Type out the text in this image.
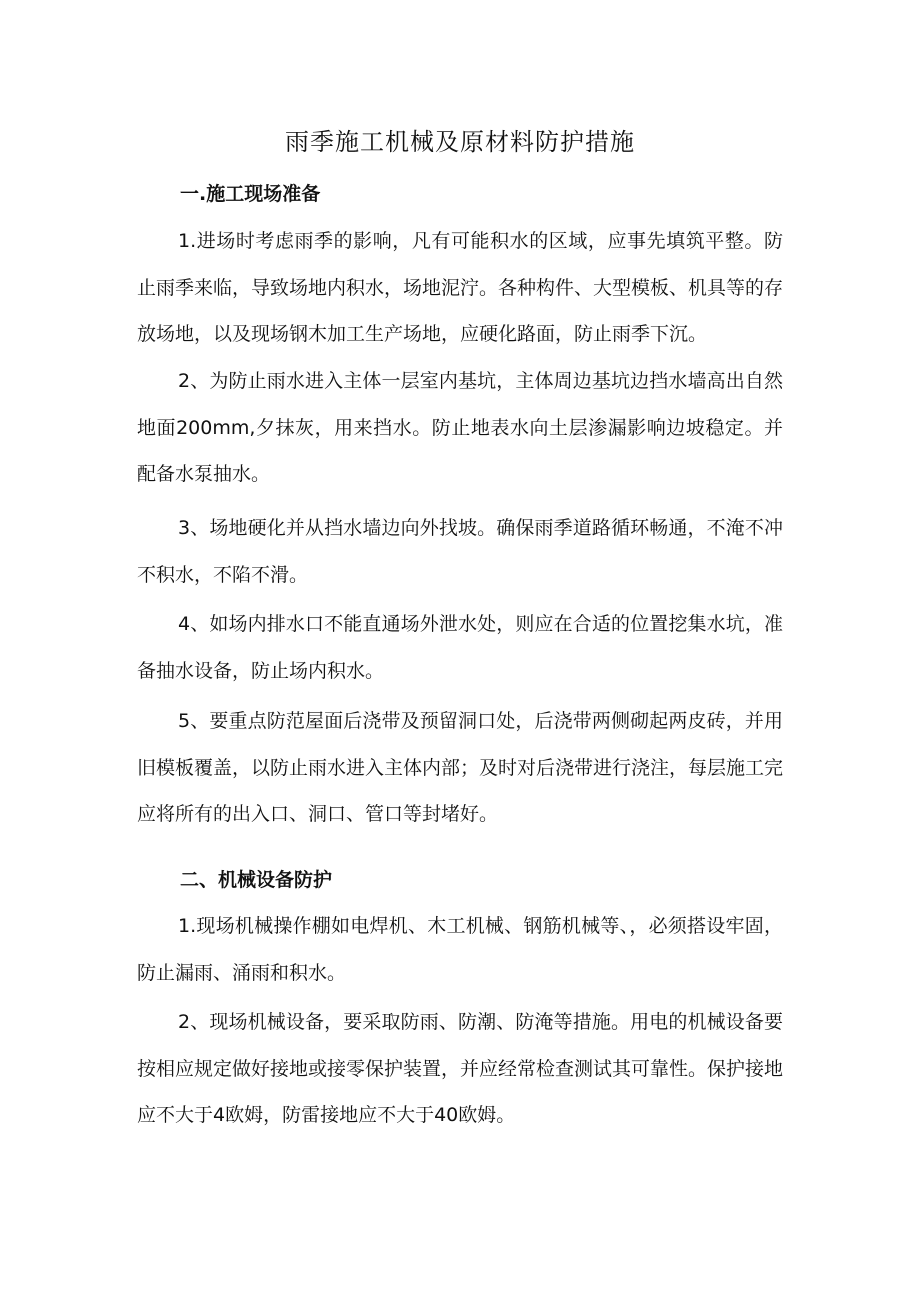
雨季施工机械及原材料防护措施
一.施工现场准备

1.进场时考虑雨季的影响，凡有可能积水的区域，应事先填筑平整。防止雨季来临，导致场地内积水，场地泥泞。各种构件、大型模板、机具等的存放场地，以及现场钢木加工生产场地，应硬化路面，防止雨季下沉。

2、为防止雨水进入主体一层室内基坑，主体周边基坑边挡水墙高出自然地面200mm,夕抹灰，用来挡水。防止地表水向土层渗漏影响边坡稳定。并配备水泵抽水。

3、场地硬化并从挡水墙边向外找坡。确保雨季道路循环畅通，不淹不冲不积水，不陷不滑。

4、如场内排水口不能直通场外泄水处，则应在合适的位置挖集水坑，准备抽水设备，防止场内积水。

5、要重点防范屋面后浇带及预留洞口处，后浇带两侧砌起两皮砖，并用旧模板覆盖，以防止雨水进入主体内部；及时对后浇带进行浇注，每层施工完应将所有的出入口、洞口、管口等封堵好。

二、机械设备防护

1.现场机械操作棚如电焊机、木工机械、钢筋机械等、，必须搭设牢固，防止漏雨、涌雨和积水。

2、现场机械设备，要采取防雨、防潮、防淹等措施。用电的机械设备要按相应规定做好接地或接零保护装置，并应经常检查测试其可靠性。保护接地应不大于4欧姆，防雷接地应不大于40欧姆。
